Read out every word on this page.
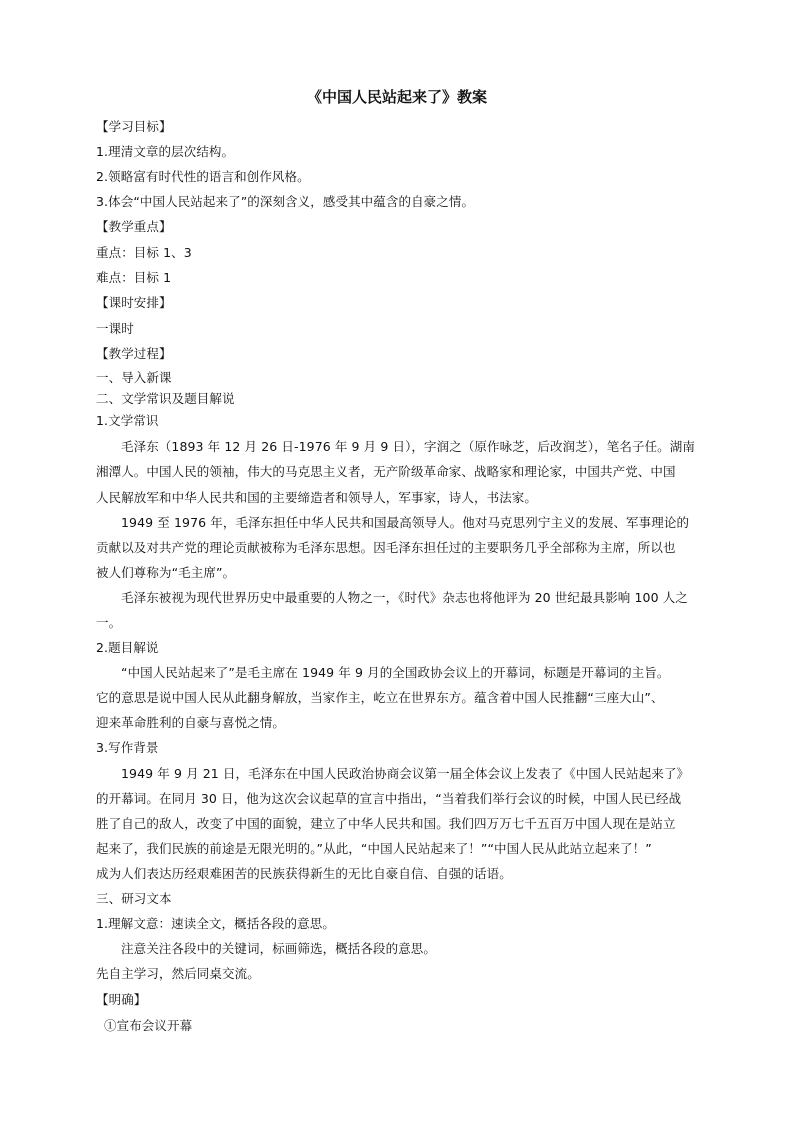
《中国人民站起来了》教案
【学习目标】
1.理清文章的层次结构。
2.领略富有时代性的语言和创作风格。
3.体会“中国人民站起来了”的深刻含义，感受其中蕴含的自豪之情。
【教学重点】
重点：目标 1、3
难点：目标 1
【课时安排】
一课时
【教学过程】
一、导入新课
二、文学常识及题目解说
1.文学常识
毛泽东（1893 年 12 月 26 日-1976 年 9 月 9 日），字润之（原作咏芝，后改润芝），笔名子任。湖南
湘潭人。中国人民的领袖，伟大的马克思主义者，无产阶级革命家、战略家和理论家，中国共产党、中国
人民解放军和中华人民共和国的主要缔造者和领导人，军事家，诗人，书法家。
1949 至 1976 年，毛泽东担任中华人民共和国最高领导人。他对马克思列宁主义的发展、军事理论的
贡献以及对共产党的理论贡献被称为毛泽东思想。因毛泽东担任过的主要职务几乎全部称为主席，所以也
被人们尊称为“毛主席”。
毛泽东被视为现代世界历史中最重要的人物之一，《时代》杂志也将他评为 20 世纪最具影响 100 人之
一。
2.题目解说
“中国人民站起来了”是毛主席在 1949 年 9 月的全国政协会议上的开幕词，标题是开幕词的主旨。
它的意思是说中国人民从此翻身解放，当家作主，屹立在世界东方。蕴含着中国人民推翻“三座大山”、
迎来革命胜利的自豪与喜悦之情。
3.写作背景
1949 年 9 月 21 日，毛泽东在中国人民政治协商会议第一届全体会议上发表了《中国人民站起来了》
的开幕词。在同月 30 日，他为这次会议起草的宣言中指出，“当着我们举行会议的时候，中国人民已经战
胜了自己的敌人，改变了中国的面貌，建立了中华人民共和国。我们四万万七千五百万中国人现在是站立
起来了，我们民族的前途是无限光明的。”从此，“中国人民站起来了！”“中国人民从此站立起来了！”
成为人们表达历经艰难困苦的民族获得新生的无比自豪自信、自强的话语。
三、研习文本
1.理解文意：速读全文，概括各段的意思。
注意关注各段中的关键词，标画筛选，概括各段的意思。
先自主学习，然后同桌交流。
【明确】
①宣布会议开幕
